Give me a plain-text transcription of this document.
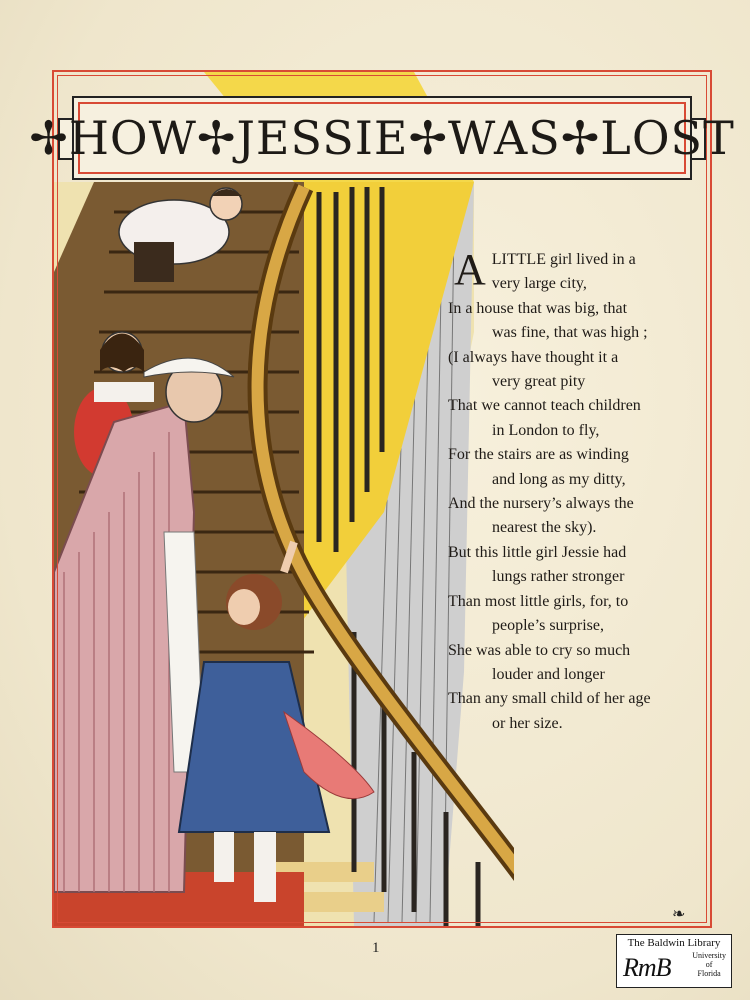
✢HOW✢JESSIE✢WAS✢LOST
A LITTLE girl lived in a
very large city,
In a house that was big, that
was fine, that was high ;
(I always have thought it a
very great pity
That we cannot teach children
in London to fly,
For the stairs are as winding
and long as my ditty,
And the nursery’s always the
nearest the sky).
But this little girl Jessie had
lungs rather stronger
Than most little girls, for, to
people’s surprise,
She was able to cry so much
louder and longer
Than any small child of her age
or her size.
❧
1	The Baldwin Library
RmB	University
of
Florida
